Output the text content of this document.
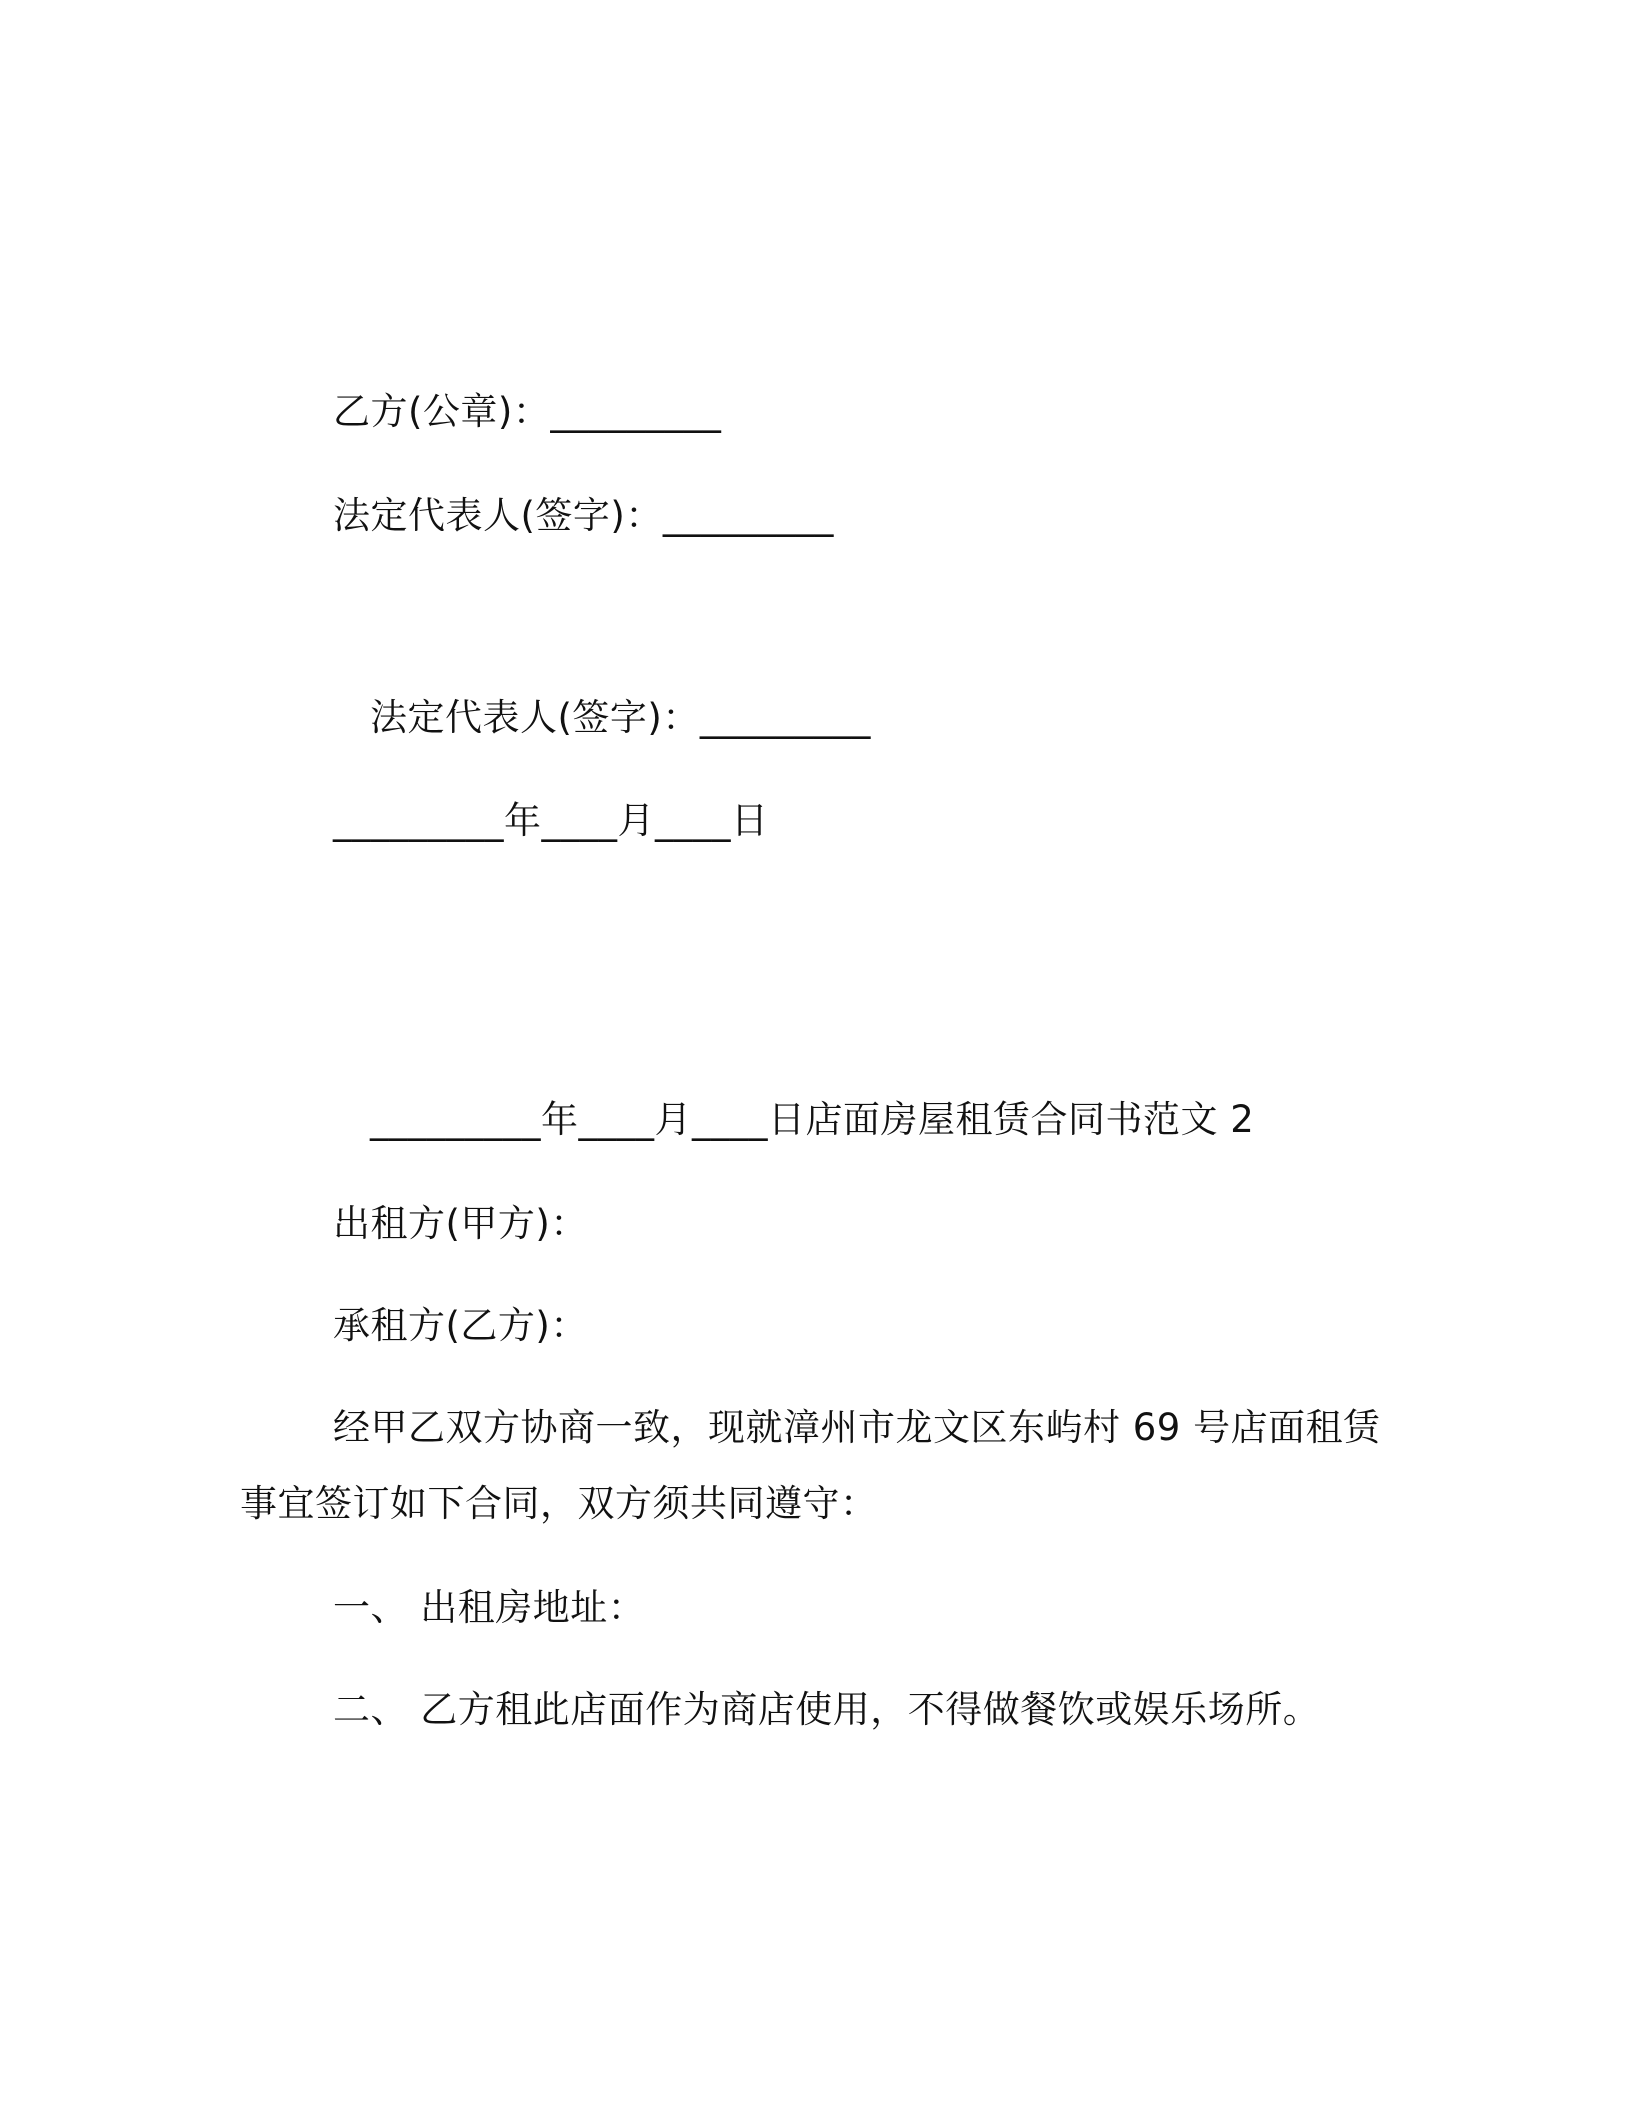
乙方(公章)：_________
法定代表人(签字)：_________
法定代表人(签字)：_________
_________年____月____日
_________年____月____日店面房屋租赁合同书范文 2
出租方(甲方)：
承租方(乙方)：
经甲乙双方协商一致，现就漳州市龙文区东屿村 69 号店面租赁
事宜签订如下合同，双方须共同遵守：
一、 出租房地址：
二、 乙方租此店面作为商店使用，不得做餐饮或娱乐场所。
